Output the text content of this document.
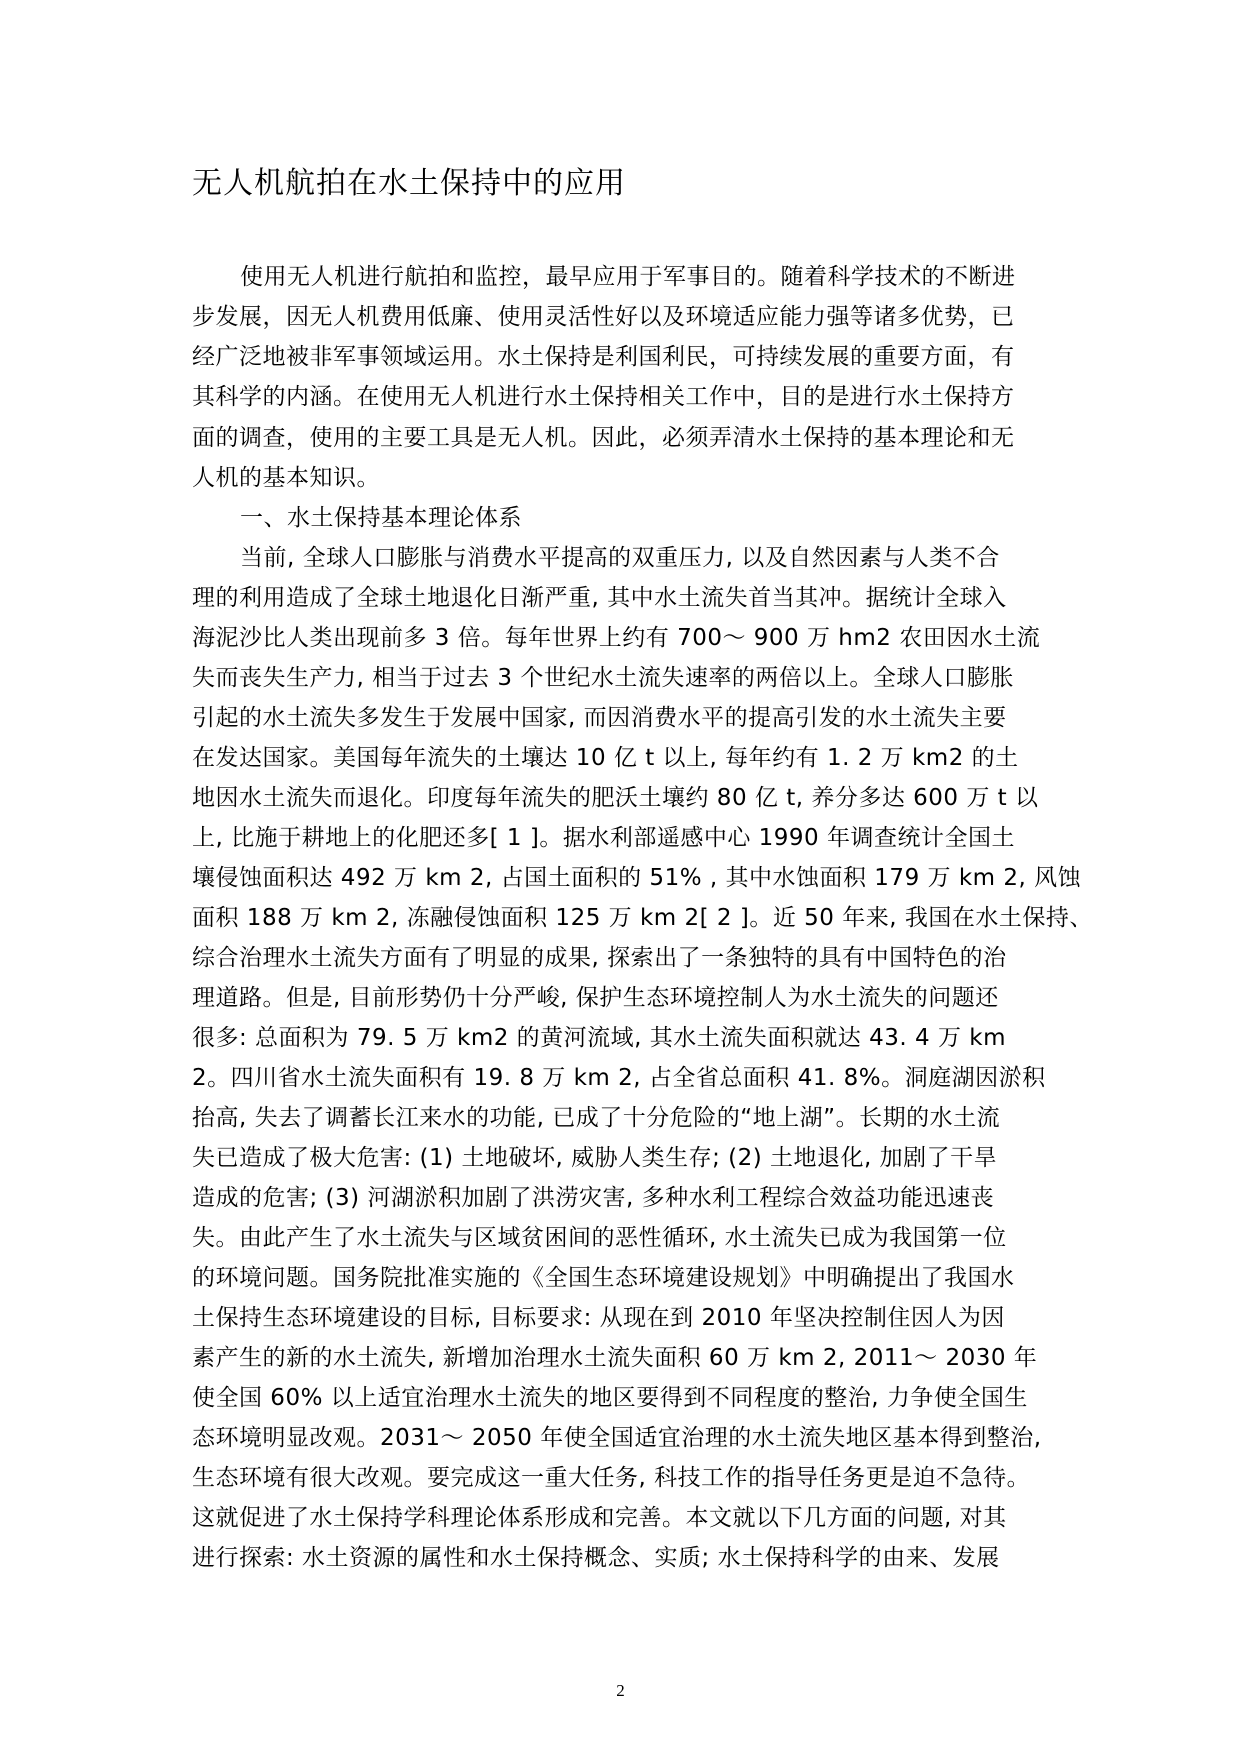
无人机航拍在水土保持中的应用
使用无人机进行航拍和监控，最早应用于军事目的。随着科学技术的不断进
步发展，因无人机费用低廉、使用灵活性好以及环境适应能力强等诸多优势，已
经广泛地被非军事领域运用。水土保持是利国利民，可持续发展的重要方面，有
其科学的内涵。在使用无人机进行水土保持相关工作中，目的是进行水土保持方
面的调查，使用的主要工具是无人机。因此，必须弄清水土保持的基本理论和无
人机的基本知识。
一、水土保持基本理论体系
当前, 全球人口膨胀与消费水平提高的双重压力, 以及自然因素与人类不合
理的利用造成了全球土地退化日渐严重, 其中水土流失首当其冲。据统计全球入
海泥沙比人类出现前多 3 倍。每年世界上约有 700～ 900 万 hm2 农田因水土流
失而丧失生产力, 相当于过去 3 个世纪水土流失速率的两倍以上。全球人口膨胀
引起的水土流失多发生于发展中国家, 而因消费水平的提高引发的水土流失主要
在发达国家。美国每年流失的土壤达 10 亿 t 以上, 每年约有 1. 2 万 km2 的土
地因水土流失而退化。印度每年流失的肥沃土壤约 80 亿 t, 养分多达 600 万 t 以
上, 比施于耕地上的化肥还多[ 1 ]。据水利部遥感中心 1990 年调查统计全国土
壤侵蚀面积达 492 万 km 2, 占国土面积的 51% , 其中水蚀面积 179 万 km 2, 风蚀
面积 188 万 km 2, 冻融侵蚀面积 125 万 km 2[ 2 ]。近 50 年来, 我国在水土保持、
综合治理水土流失方面有了明显的成果, 探索出了一条独特的具有中国特色的治
理道路。但是, 目前形势仍十分严峻, 保护生态环境控制人为水土流失的问题还
很多: 总面积为 79. 5 万 km2 的黄河流域, 其水土流失面积就达 43. 4 万 km
2。四川省水土流失面积有 19. 8 万 km 2, 占全省总面积 41. 8%。洞庭湖因淤积
抬高, 失去了调蓄长江来水的功能, 已成了十分危险的“地上湖”。长期的水土流
失已造成了极大危害: (1) 土地破坏, 威胁人类生存; (2) 土地退化, 加剧了干旱
造成的危害; (3) 河湖淤积加剧了洪涝灾害, 多种水利工程综合效益功能迅速丧
失。由此产生了水土流失与区域贫困间的恶性循环, 水土流失已成为我国第一位
的环境问题。国务院批准实施的《全国生态环境建设规划》中明确提出了我国水
土保持生态环境建设的目标, 目标要求: 从现在到 2010 年坚决控制住因人为因
素产生的新的水土流失, 新增加治理水土流失面积 60 万 km 2, 2011～ 2030 年
使全国 60% 以上适宜治理水土流失的地区要得到不同程度的整治, 力争使全国生
态环境明显改观。2031～ 2050 年使全国适宜治理的水土流失地区基本得到整治,
生态环境有很大改观。要完成这一重大任务, 科技工作的指导任务更是迫不急待。
这就促进了水土保持学科理论体系形成和完善。本文就以下几方面的问题, 对其
进行探索: 水土资源的属性和水土保持概念、实质; 水土保持科学的由来、发展
2
